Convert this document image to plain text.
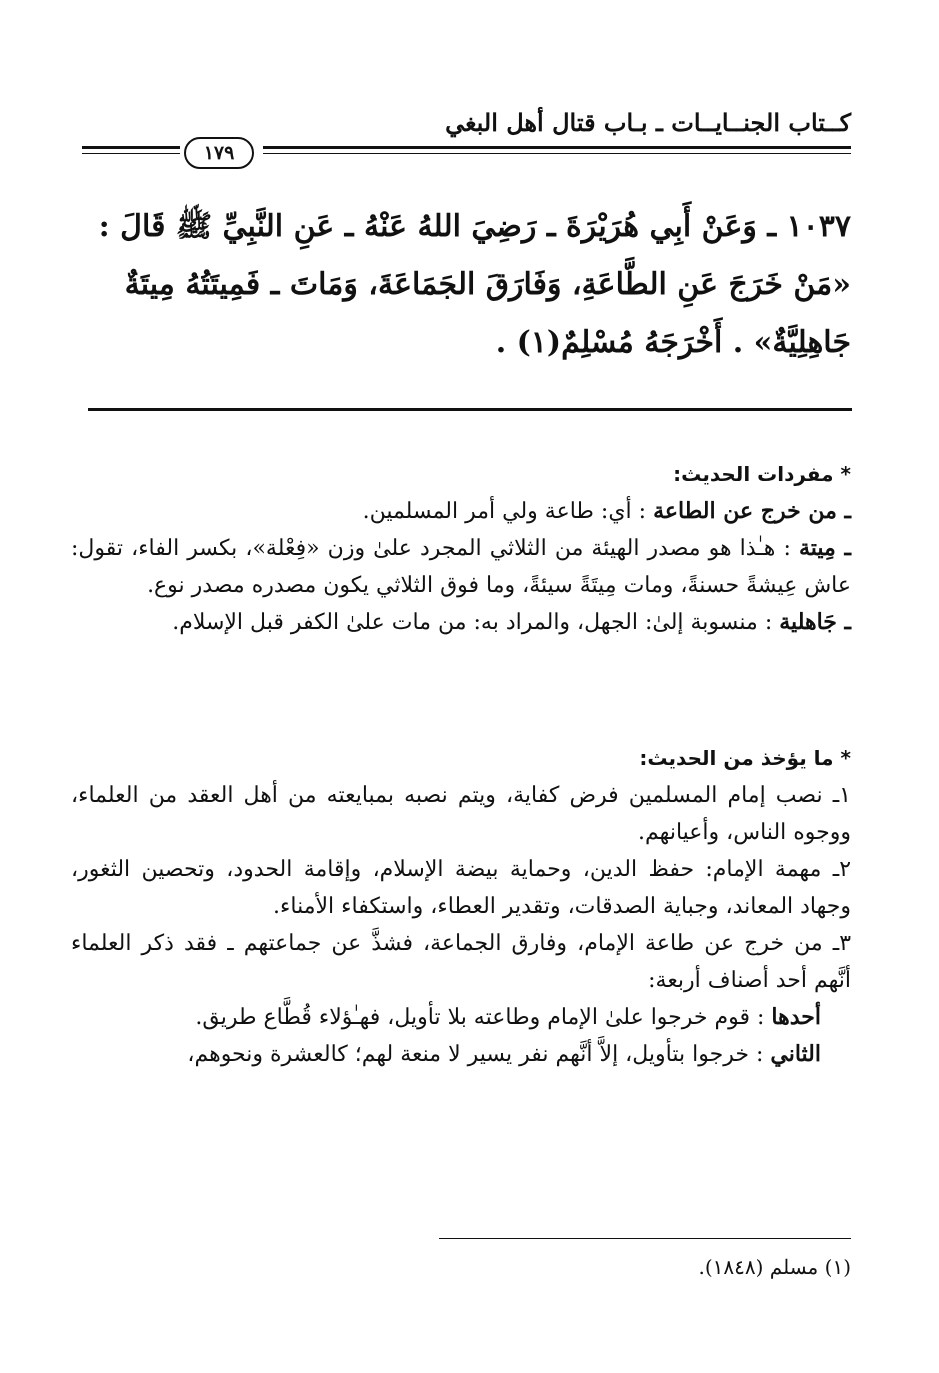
كــتاب الجنــايــات ـ بـاب قتال أهل البغي
١٧٩
١٠٣٧ ـ وَعَنْ أَبِي هُرَيْرَةَ ـ رَضِيَ اللهُ عَنْهُ ـ عَنِ النَّبِيِّ ﷺ قَالَ :
«مَنْ خَرَجَ عَنِ الطَّاعَةِ، وَفَارَقَ الجَمَاعَةَ، وَمَاتَ ـ فَمِيتَتُهُ مِيتَةٌ
جَاهِلِيَّةٌ» . أَخْرَجَهُ مُسْلِمٌ(١) .
* مفردات الحديث:
ـ من خرج عن الطاعة : أي: طاعة ولي أمر المسلمين.
ـ مِيتة : هـٰذا هو مصدر الهيئة من الثلاثي المجرد علىٰ وزن «فِعْلة»، بكسر الفاء، تقول: عاش عِيشةً حسنةً، ومات مِيتَةً سيئةً، وما فوق الثلاثي يكون مصدره مصدر نوع.
ـ جَاهلية : منسوبة إلىٰ: الجهل، والمراد به: من مات علىٰ الكفر قبل الإسلام.
* ما يؤخذ من الحديث:
١ـ نصب إمام المسلمين فرض كفاية، ويتم نصبه بمبايعته من أهل العقد من العلماء، ووجوه الناس، وأعيانهم.
٢ـ مهمة الإمام: حفظ الدين، وحماية بيضة الإسلام، وإقامة الحدود، وتحصين الثغور، وجهاد المعاند، وجباية الصدقات، وتقدير العطاء، واستكفاء الأمناء.
٣ـ من خرج عن طاعة الإمام، وفارق الجماعة، فشذَّ عن جماعتهم ـ فقد ذكر العلماء أنَّهم أحد أصناف أربعة:
أحدها : قوم خرجوا علىٰ الإمام وطاعته بلا تأويل، فهـٰؤلاء قُطَّاع طريق.
الثاني : خرجوا بتأويل، إلاَّ أنَّهم نفر يسير لا منعة لهم؛ كالعشرة ونحوهم،
(١) مسلم (١٨٤٨).
